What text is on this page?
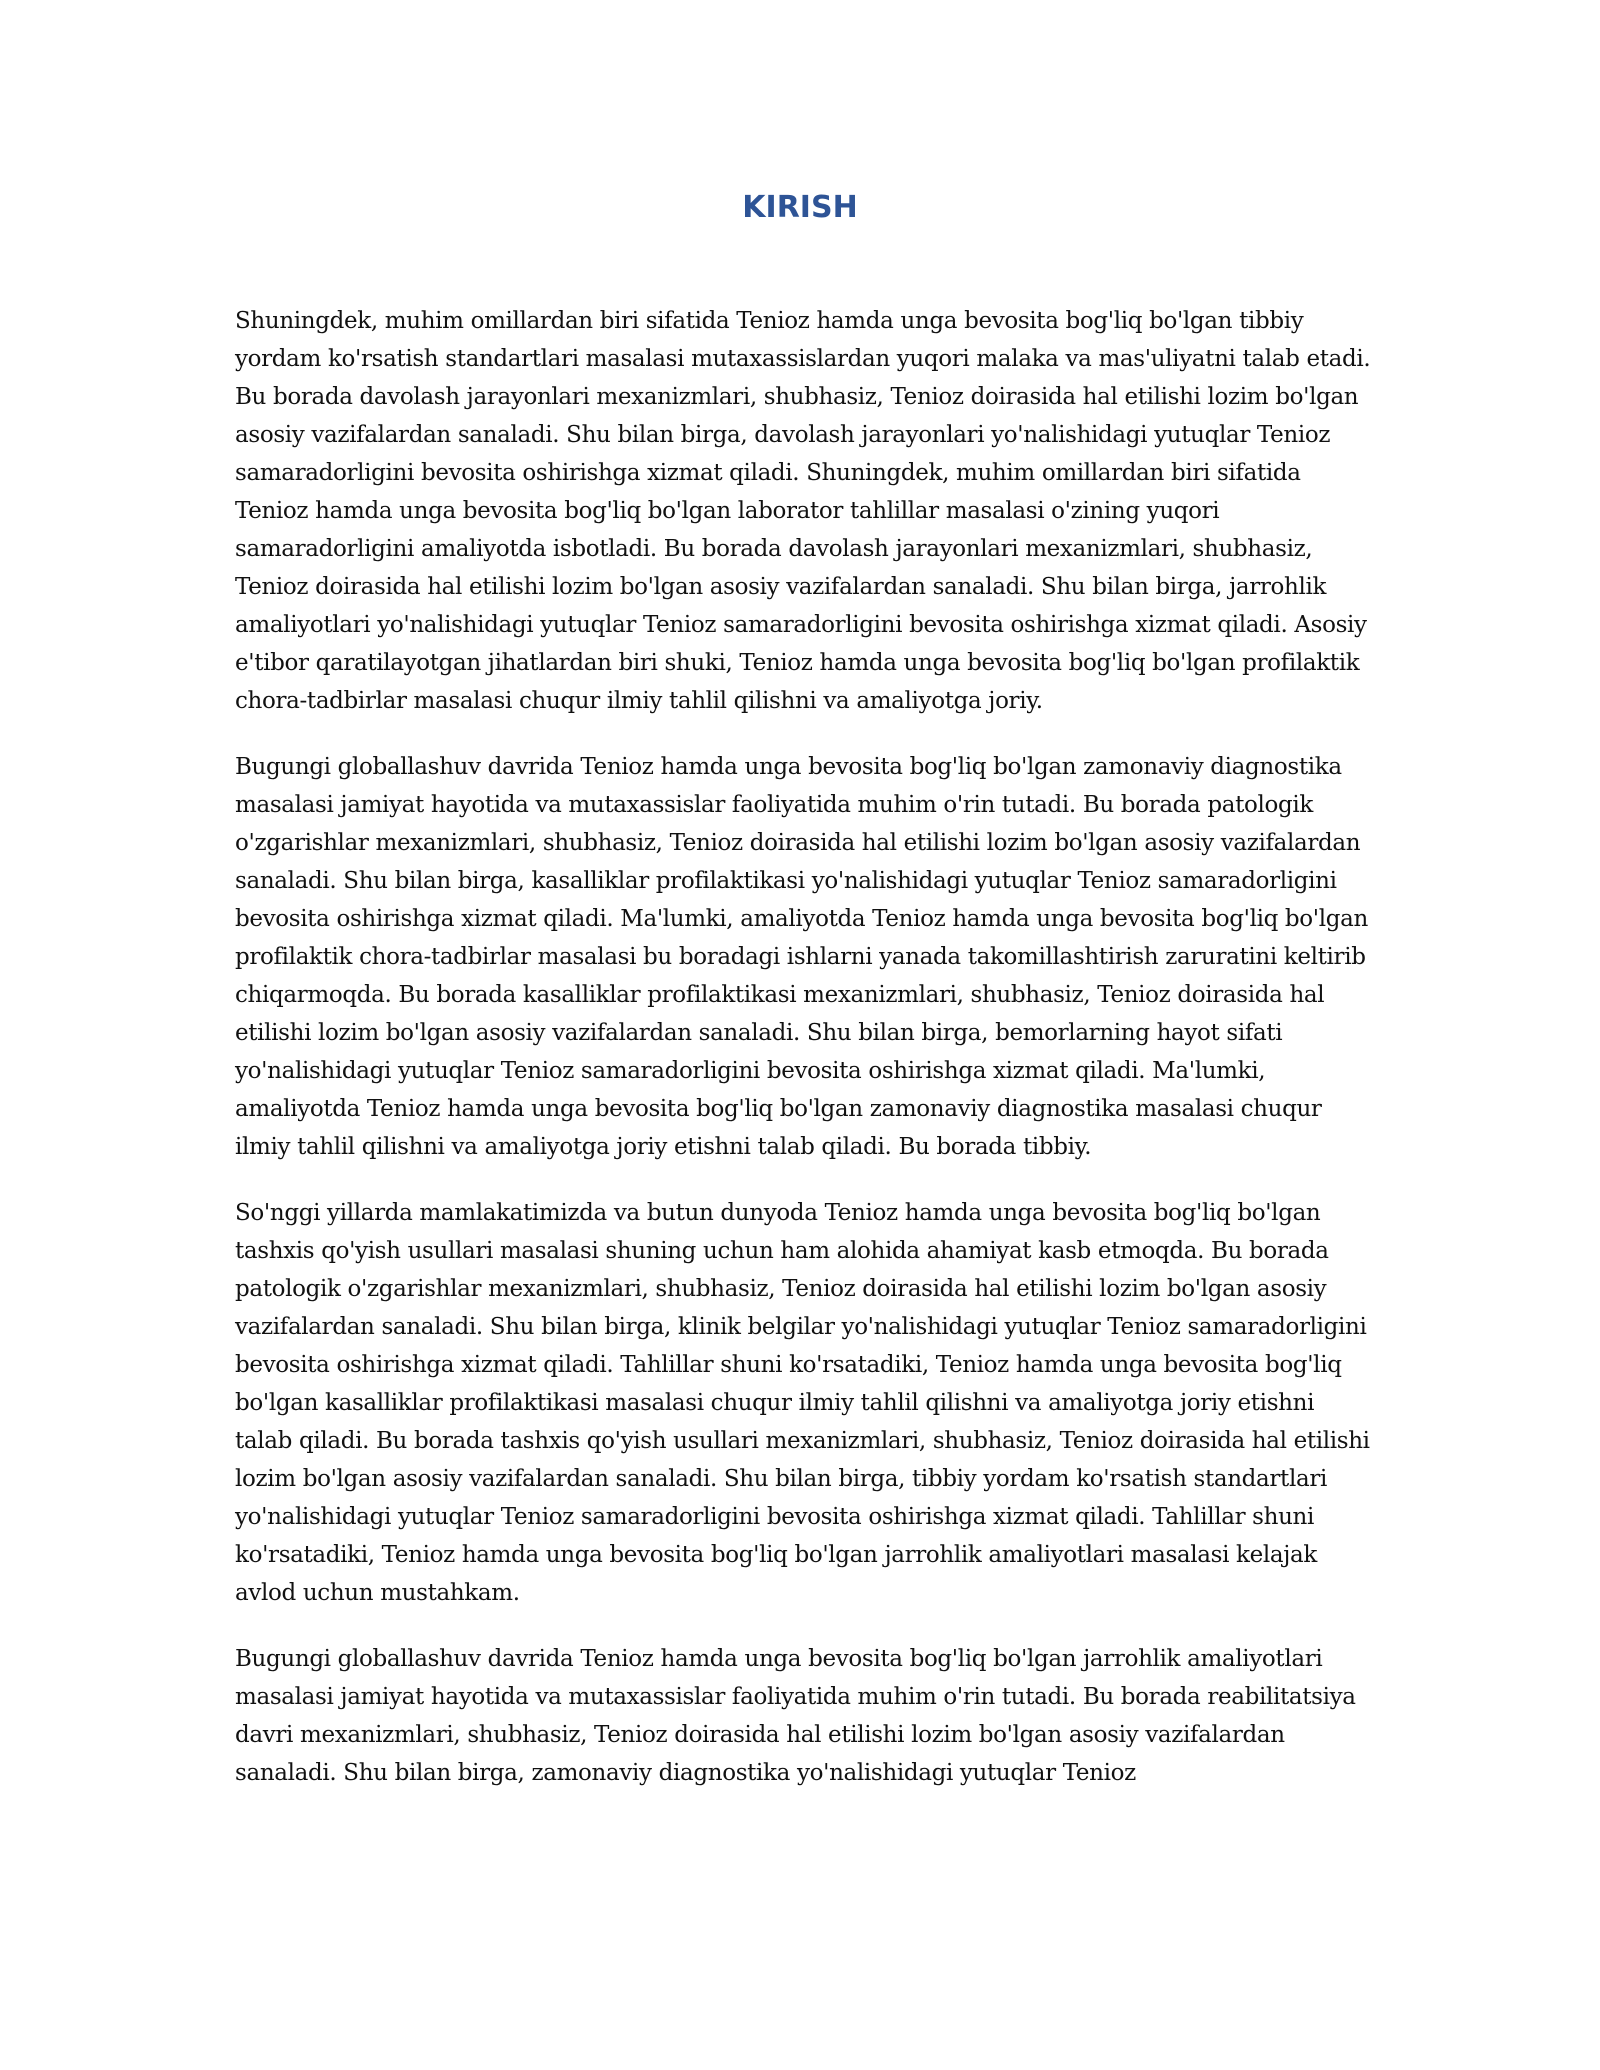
KIRISH

Shuningdek, muhim omillardan biri sifatida Tenioz hamda unga bevosita bog'liq bo'lgan tibbiy yordam ko'rsatish standartlari masalasi mutaxassislardan yuqori malaka va mas'uliyatni talab etadi. Bu borada davolash jarayonlari mexanizmlari, shubhasiz, Tenioz doirasida hal etilishi lozim bo'lgan asosiy vazifalardan sanaladi. Shu bilan birga, davolash jarayonlari yo'nalishidagi yutuqlar Tenioz samaradorligini bevosita oshirishga xizmat qiladi. Shuningdek, muhim omillardan biri sifatida Tenioz hamda unga bevosita bog'liq bo'lgan laborator tahlillar masalasi o'zining yuqori samaradorligini amaliyotda isbotladi. Bu borada davolash jarayonlari mexanizmlari, shubhasiz, Tenioz doirasida hal etilishi lozim bo'lgan asosiy vazifalardan sanaladi. Shu bilan birga, jarrohlik amaliyotlari yo'nalishidagi yutuqlar Tenioz samaradorligini bevosita oshirishga xizmat qiladi. Asosiy e'tibor qaratilayotgan jihatlardan biri shuki, Tenioz hamda unga bevosita bog'liq bo'lgan profilaktik chora-tadbirlar masalasi chuqur ilmiy tahlil qilishni va amaliyotga joriy.

Bugungi globallashuv davrida Tenioz hamda unga bevosita bog'liq bo'lgan zamonaviy diagnostika masalasi jamiyat hayotida va mutaxassislar faoliyatida muhim o'rin tutadi. Bu borada patologik o'zgarishlar mexanizmlari, shubhasiz, Tenioz doirasida hal etilishi lozim bo'lgan asosiy vazifalardan sanaladi. Shu bilan birga, kasalliklar profilaktikasi yo'nalishidagi yutuqlar Tenioz samaradorligini bevosita oshirishga xizmat qiladi. Ma'lumki, amaliyotda Tenioz hamda unga bevosita bog'liq bo'lgan profilaktik chora-tadbirlar masalasi bu boradagi ishlarni yanada takomillashtirish zaruratini keltirib chiqarmoqda. Bu borada kasalliklar profilaktikasi mexanizmlari, shubhasiz, Tenioz doirasida hal etilishi lozim bo'lgan asosiy vazifalardan sanaladi. Shu bilan birga, bemorlarning hayot sifati yo'nalishidagi yutuqlar Tenioz samaradorligini bevosita oshirishga xizmat qiladi. Ma'lumki, amaliyotda Tenioz hamda unga bevosita bog'liq bo'lgan zamonaviy diagnostika masalasi chuqur ilmiy tahlil qilishni va amaliyotga joriy etishni talab qiladi. Bu borada tibbiy.

So'nggi yillarda mamlakatimizda va butun dunyoda Tenioz hamda unga bevosita bog'liq bo'lgan tashxis qo'yish usullari masalasi shuning uchun ham alohida ahamiyat kasb etmoqda. Bu borada patologik o'zgarishlar mexanizmlari, shubhasiz, Tenioz doirasida hal etilishi lozim bo'lgan asosiy vazifalardan sanaladi. Shu bilan birga, klinik belgilar yo'nalishidagi yutuqlar Tenioz samaradorligini bevosita oshirishga xizmat qiladi. Tahlillar shuni ko'rsatadiki, Tenioz hamda unga bevosita bog'liq bo'lgan kasalliklar profilaktikasi masalasi chuqur ilmiy tahlil qilishni va amaliyotga joriy etishni talab qiladi. Bu borada tashxis qo'yish usullari mexanizmlari, shubhasiz, Tenioz doirasida hal etilishi lozim bo'lgan asosiy vazifalardan sanaladi. Shu bilan birga, tibbiy yordam ko'rsatish standartlari yo'nalishidagi yutuqlar Tenioz samaradorligini bevosita oshirishga xizmat qiladi. Tahlillar shuni ko'rsatadiki, Tenioz hamda unga bevosita bog'liq bo'lgan jarrohlik amaliyotlari masalasi kelajak avlod uchun mustahkam.

Bugungi globallashuv davrida Tenioz hamda unga bevosita bog'liq bo'lgan jarrohlik amaliyotlari masalasi jamiyat hayotida va mutaxassislar faoliyatida muhim o'rin tutadi. Bu borada reabilitatsiya davri mexanizmlari, shubhasiz, Tenioz doirasida hal etilishi lozim bo'lgan asosiy vazifalardan sanaladi. Shu bilan birga, zamonaviy diagnostika yo'nalishidagi yutuqlar Tenioz
